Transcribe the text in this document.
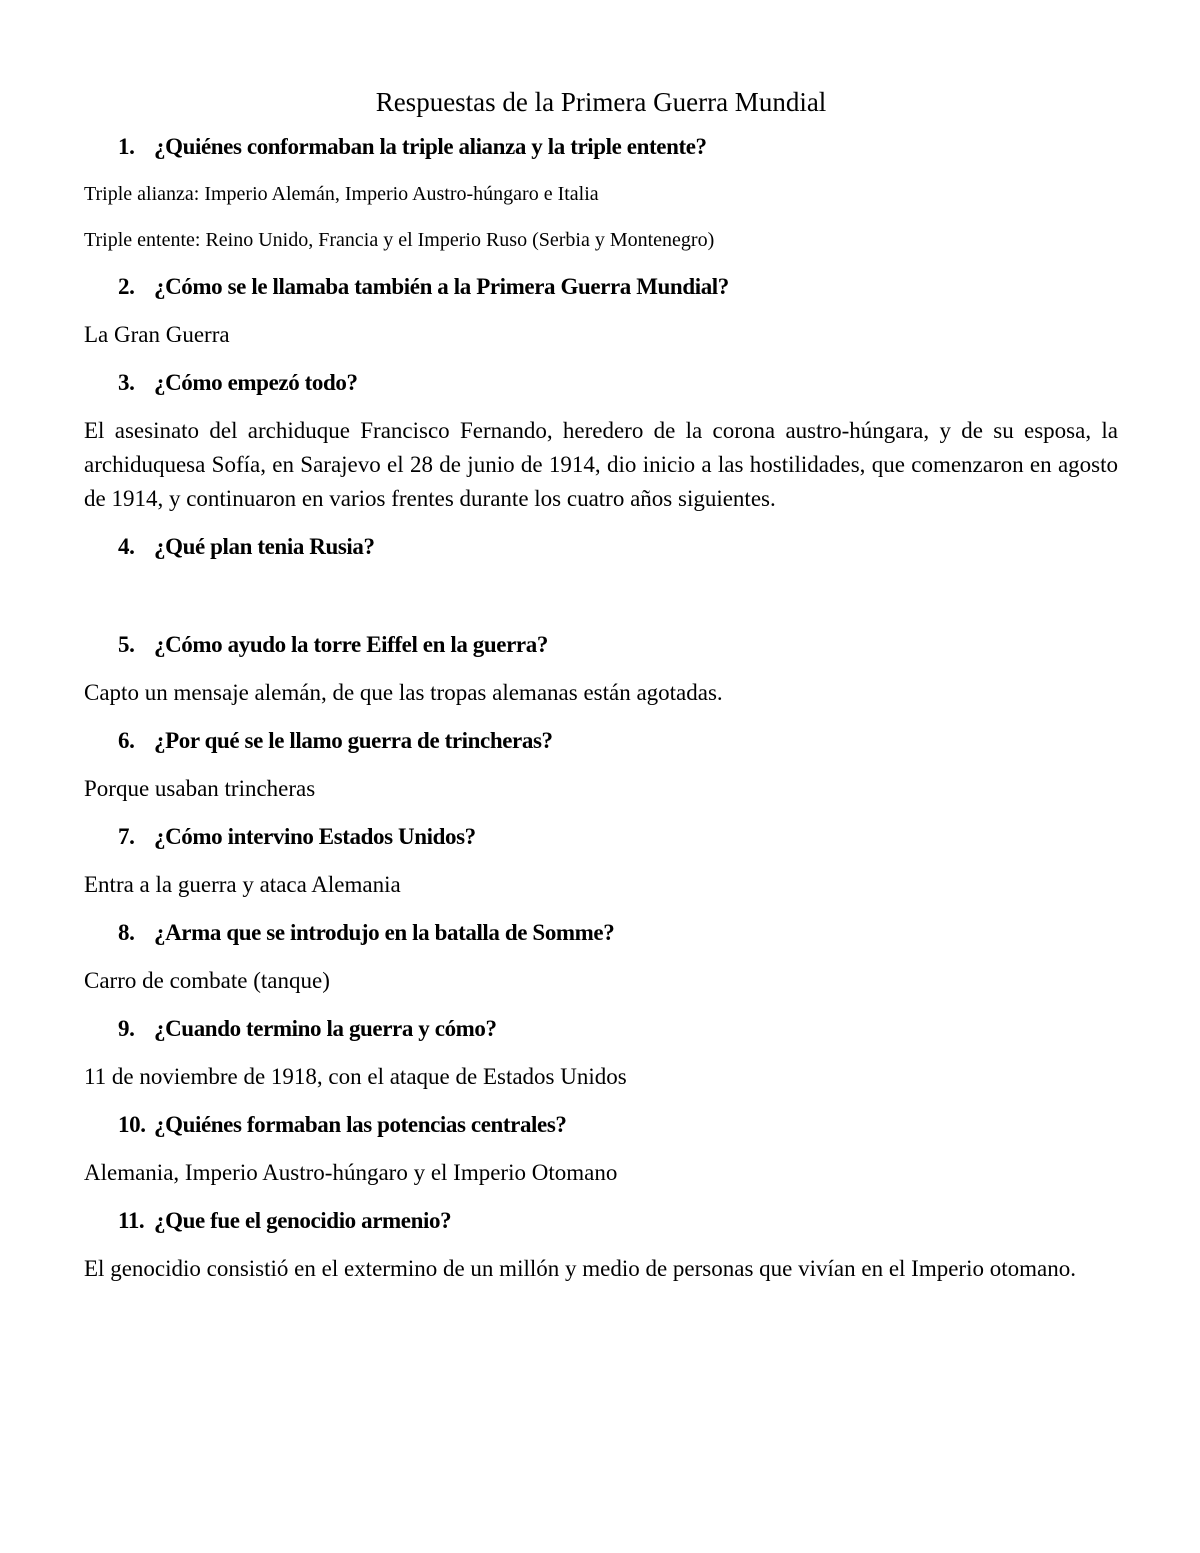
Respuestas de la Primera Guerra Mundial
1. ¿Quiénes conformaban la triple alianza y la triple entente?

Triple alianza: Imperio Alemán, Imperio Austro-húngaro e Italia

Triple entente: Reino Unido, Francia y el Imperio Ruso (Serbia y Montenegro)

2. ¿Cómo se le llamaba también a la Primera Guerra Mundial?

La Gran Guerra

3. ¿Cómo empezó todo?

El asesinato del archiduque Francisco Fernando, heredero de la corona austro-húngara, y de su esposa, la archiduquesa Sofía, en Sarajevo el 28 de junio de 1914, dio inicio a las hostilidades, que comenzaron en agosto de 1914, y continuaron en varios frentes durante los cuatro años siguientes.

4. ¿Qué plan tenia Rusia?
5. ¿Cómo ayudo la torre Eiffel en la guerra?

Capto un mensaje alemán, de que las tropas alemanas están agotadas.

6. ¿Por qué se le llamo guerra de trincheras?

Porque usaban trincheras

7. ¿Cómo intervino Estados Unidos?

Entra a la guerra y ataca Alemania

8. ¿Arma que se introdujo en la batalla de Somme?

Carro de combate (tanque)

9. ¿Cuando termino la guerra y cómo?

11 de noviembre de 1918, con el ataque de Estados Unidos

10. ¿Quiénes formaban las potencias centrales?

Alemania, Imperio Austro-húngaro y el Imperio Otomano

11. ¿Que fue el genocidio armenio?

El genocidio consistió en el extermino de un millón y medio de personas que vivían en el Imperio otomano.
